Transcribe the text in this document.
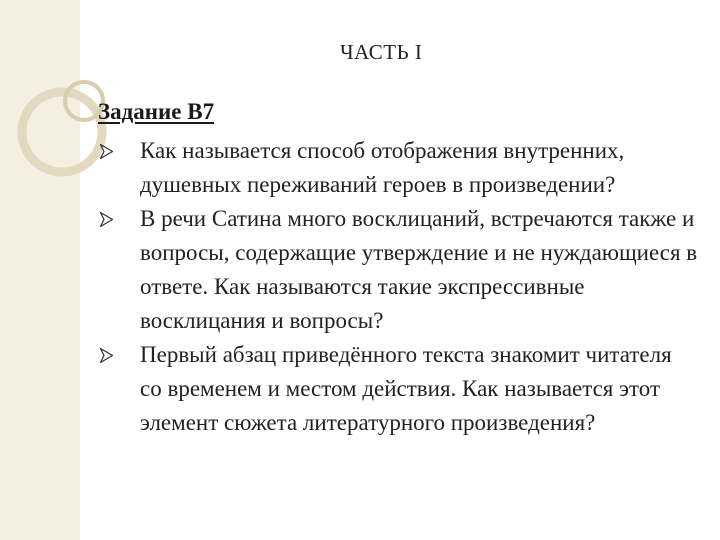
ЧАСТЬ I
Задание В7
Как называется способ отображения внутренних, душевных переживаний героев в произведении?
В речи Сатина много восклицаний, встречаются также и вопросы, содержащие утверждение и не нуждающиеся в ответе. Как называются такие экспрессивные восклицания и вопросы?
Первый абзац приведённого текста знакомит читателя со временем и местом действия. Как называется этот элемент сюжета литературного произведения?
